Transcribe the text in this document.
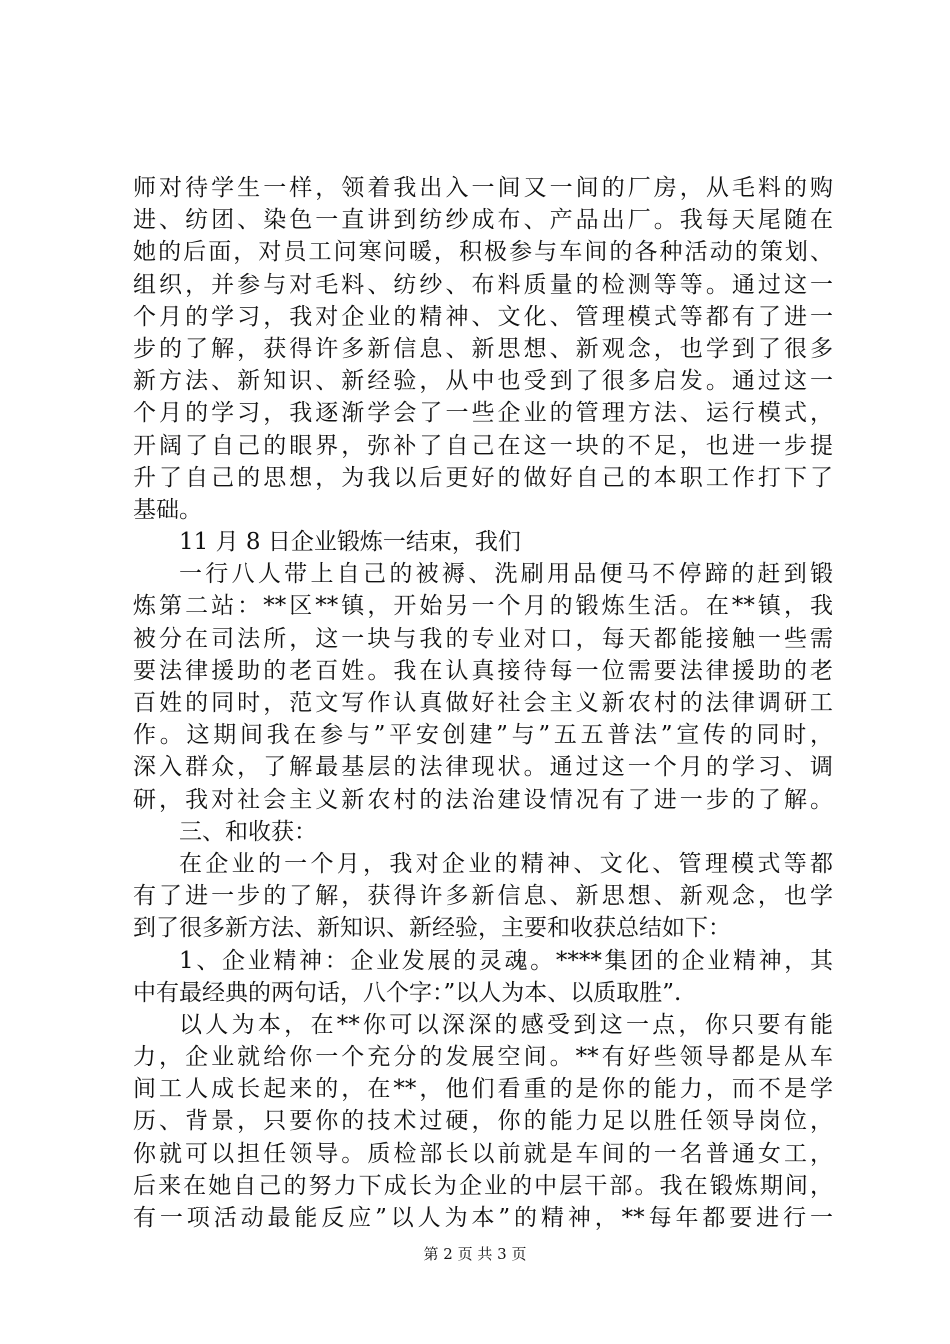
师对待学生一样，领着我出入一间又一间的厂房，从毛料的购
进、纺团、染色一直讲到纺纱成布、产品出厂。我每天尾随在
她的后面，对员工问寒问暖，积极参与车间的各种活动的策划、
组织，并参与对毛料、纺纱、布料质量的检测等等。通过这一
个月的学习，我对企业的精神、文化、管理模式等都有了进一
步的了解，获得许多新信息、新思想、新观念，也学到了很多
新方法、新知识、新经验，从中也受到了很多启发。通过这一
个月的学习，我逐渐学会了一些企业的管理方法、运行模式，
开阔了自己的眼界，弥补了自己在这一块的不足，也进一步提
升了自己的思想，为我以后更好的做好自己的本职工作打下了
基础。
11 月 8 日企业锻炼一结束，我们
一行八人带上自己的被褥、洗刷用品便马不停蹄的赶到锻
炼第二站：**区**镇，开始另一个月的锻炼生活。在**镇，我
被分在司法所，这一块与我的专业对口，每天都能接触一些需
要法律援助的老百姓。我在认真接待每一位需要法律援助的老
百姓的同时，范文写作认真做好社会主义新农村的法律调研工
作。这期间我在参与”平安创建”与”五五普法”宣传的同时，
深入群众，了解最基层的法律现状。通过这一个月的学习、调
研，我对社会主义新农村的法治建设情况有了进一步的了解。
三、和收获：
在企业的一个月，我对企业的精神、文化、管理模式等都
有了进一步的了解，获得许多新信息、新思想、新观念，也学
到了很多新方法、新知识、新经验，主要和收获总结如下：
1、企业精神：企业发展的灵魂。****集团的企业精神，其
中有最经典的两句话，八个字：”以人为本、以质取胜”.
以人为本，在**你可以深深的感受到这一点，你只要有能
力，企业就给你一个充分的发展空间。**有好些领导都是从车
间工人成长起来的，在**，他们看重的是你的能力，而不是学
历、背景，只要你的技术过硬，你的能力足以胜任领导岗位，
你就可以担任领导。质检部长以前就是车间的一名普通女工，
后来在她自己的努力下成长为企业的中层干部。我在锻炼期间，
有一项活动最能反应”以人为本”的精神，**每年都要进行一
第 2 页 共 3 页
